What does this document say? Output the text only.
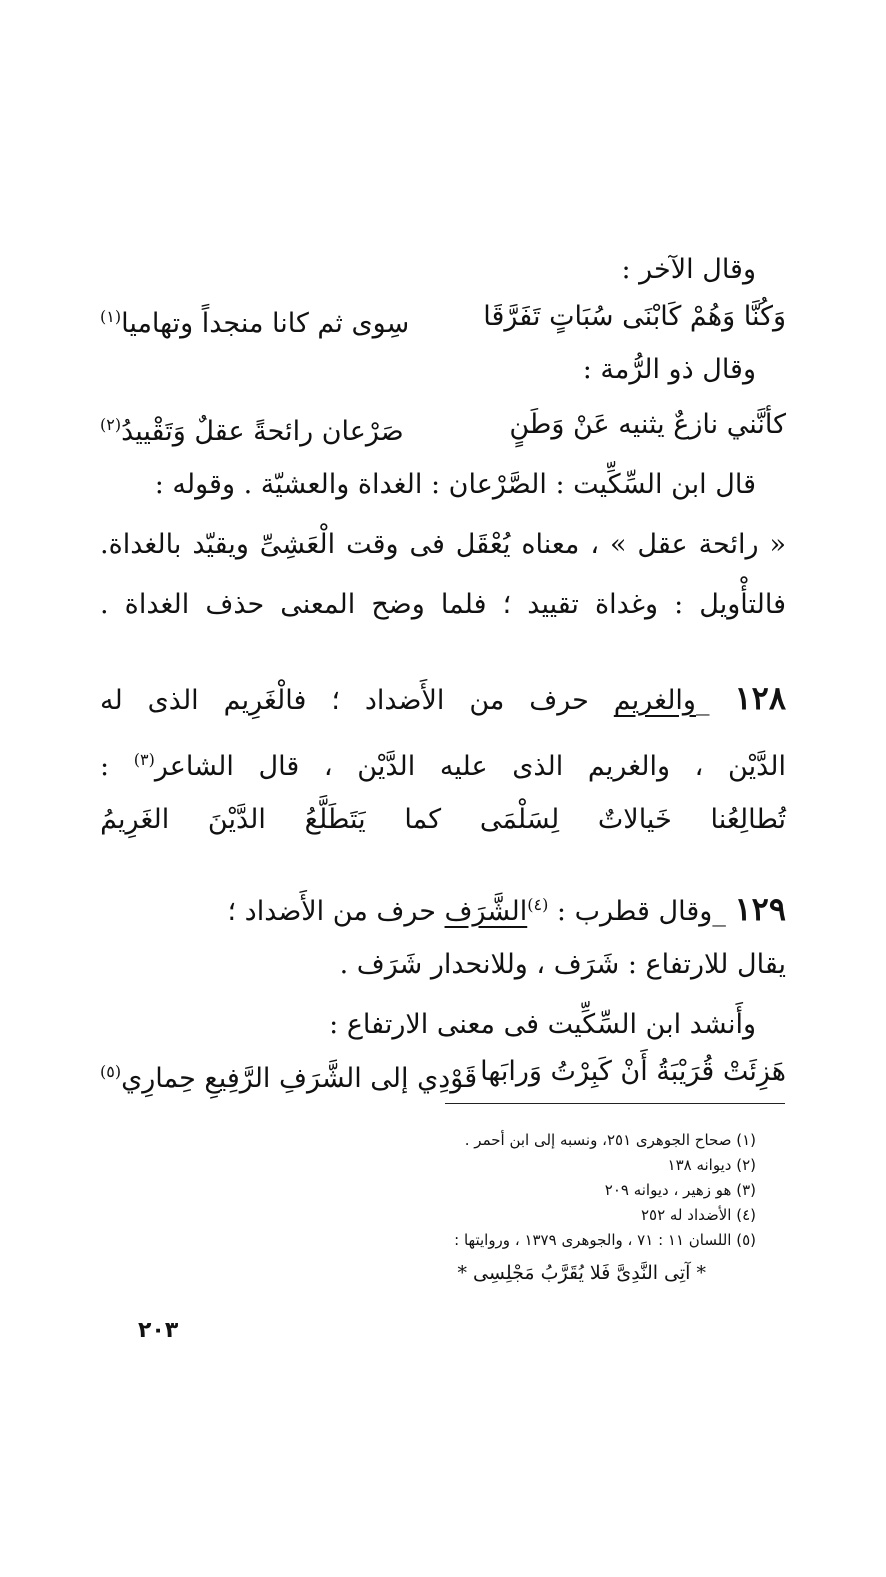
وقال الآخر :
وَكُنَّا وَهُمْ كَابْنَى سُبَاتٍ تَفَرَّقَا
سِوى ثم كانا منجداً وتهاميا(١)
وقال ذو الرُّمة :
كأنَّني نازعٌ يثنيه عَنْ وَطَنٍ
صَرْعان رائحةً عقلٌ وَتَقْييدُ(٢)
قال ابن السِّكِّيت : الصَّرْعان : الغداة والعشيّة . وقوله :
« رائحة عقل » ، معناه يُعْقَل فى وقت الْعَشِىِّ ويقيّد بالغداة.
فالتأْويل : وغداة تقييد ؛ فلما وضح المعنى حذف الغداة .
١٢٨ _والغريم حرف من الأَضداد ؛ فالْغَرِيم الذى له
الدَّيْن ، والغريم الذى عليه الدَّيْن ، قال الشاعر$^{(٣)}$ :
تُطالِعُنا
خَيالاتٌ
لِسَلْمَى
كما
يَتَطَلَّعُ
الدَّيْنَ
الغَرِيمُ
١٢٩ _وقال قطرب : $^{(٤)}$الشَّرَف حرف من الأَضداد ؛
يقال للارتفاع : شَرَف ، وللانحدار شَرَف .
وأَنشد ابن السِّكِّيت فى معنى الارتفاع :
هَزِئَتْ قُرَيْبَةُ أَنْ كَبِرْتُ وَرابَها
قَوْدِي إلى الشَّرَفِ الرَّفِيعِ حِمارِي(٥)
(١) صحاح الجوهرى ٢٥١، ونسبه إلى ابن أحمر .
(٢) ديوانه ١٣٨
(٣) هو زهير ، ديوانه ٢٠٩
(٤) الأضداد له ٢٥٢
(٥) اللسان ١١ : ٧١ ، والجوهرى ١٣٧٩ ، وروايتها :
* آتِى النَّدِىَّ فَلا يُقَرَّبُ مَجْلِسِى *
٢٠٣
